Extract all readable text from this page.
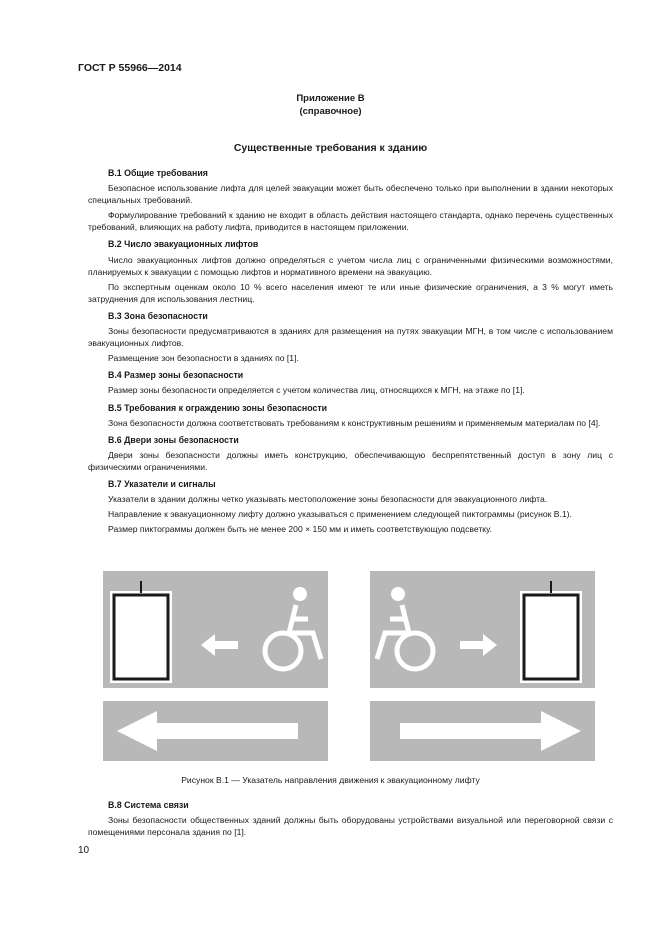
ГОСТ Р 55966—2014
Приложение В
(справочное)
Существенные требования к зданию
В.1 Общие требования

Безопасное использование лифта для целей эвакуации может быть обеспечено только при выполнении в здании некоторых специальных требований.

Формулирование требований к зданию не входит в область действия настоящего стандарта, однако перечень существенных требований, влияющих на работу лифта, приводится в настоящем приложении.

В.2 Число эвакуационных лифтов

Число эвакуационных лифтов должно определяться с учетом числа лиц с ограниченными физическими возможностями, планируемых к эвакуации с помощью лифтов и нормативного времени на эвакуацию.

По экспертным оценкам около 10 % всего населения имеют те или иные физические ограничения, а 3 % могут иметь затруднения для использования лестниц.

В.3 Зона безопасности

Зоны безопасности предусматриваются в зданиях для размещения на путях эвакуации МГН, в том числе с использованием эвакуационных лифтов.

Размещение зон безопасности в зданиях по [1].

В.4 Размер зоны безопасности

Размер зоны безопасности определяется с учетом количества лиц, относящихся к МГН, на этаже по [1].

В.5 Требования к ограждению зоны безопасности

Зона безопасности должна соответствовать требованиям к конструктивным решениям и применяемым материалам по [4].

В.6 Двери зоны безопасности

Двери зоны безопасности должны иметь конструкцию, обеспечивающую беспрепятственный доступ в зону лиц с физическими ограничениями.

В.7 Указатели и сигналы

Указатели в здании должны четко указывать местоположение зоны безопасности для эвакуационного лифта.

Направление к эвакуационному лифту должно указываться с применением следующей пиктограммы (рисунок В.1).

Размер пиктограммы должен быть не менее 200 × 150 мм и иметь соответствующую подсветку.

Рисунок В.1 — Указатель направления движения к эвакуационному лифту
В.8 Система связи

Зоны безопасности общественных зданий должны быть оборудованы устройствами визуальной или переговорной связи с помещениями персонала здания по [1].

10
